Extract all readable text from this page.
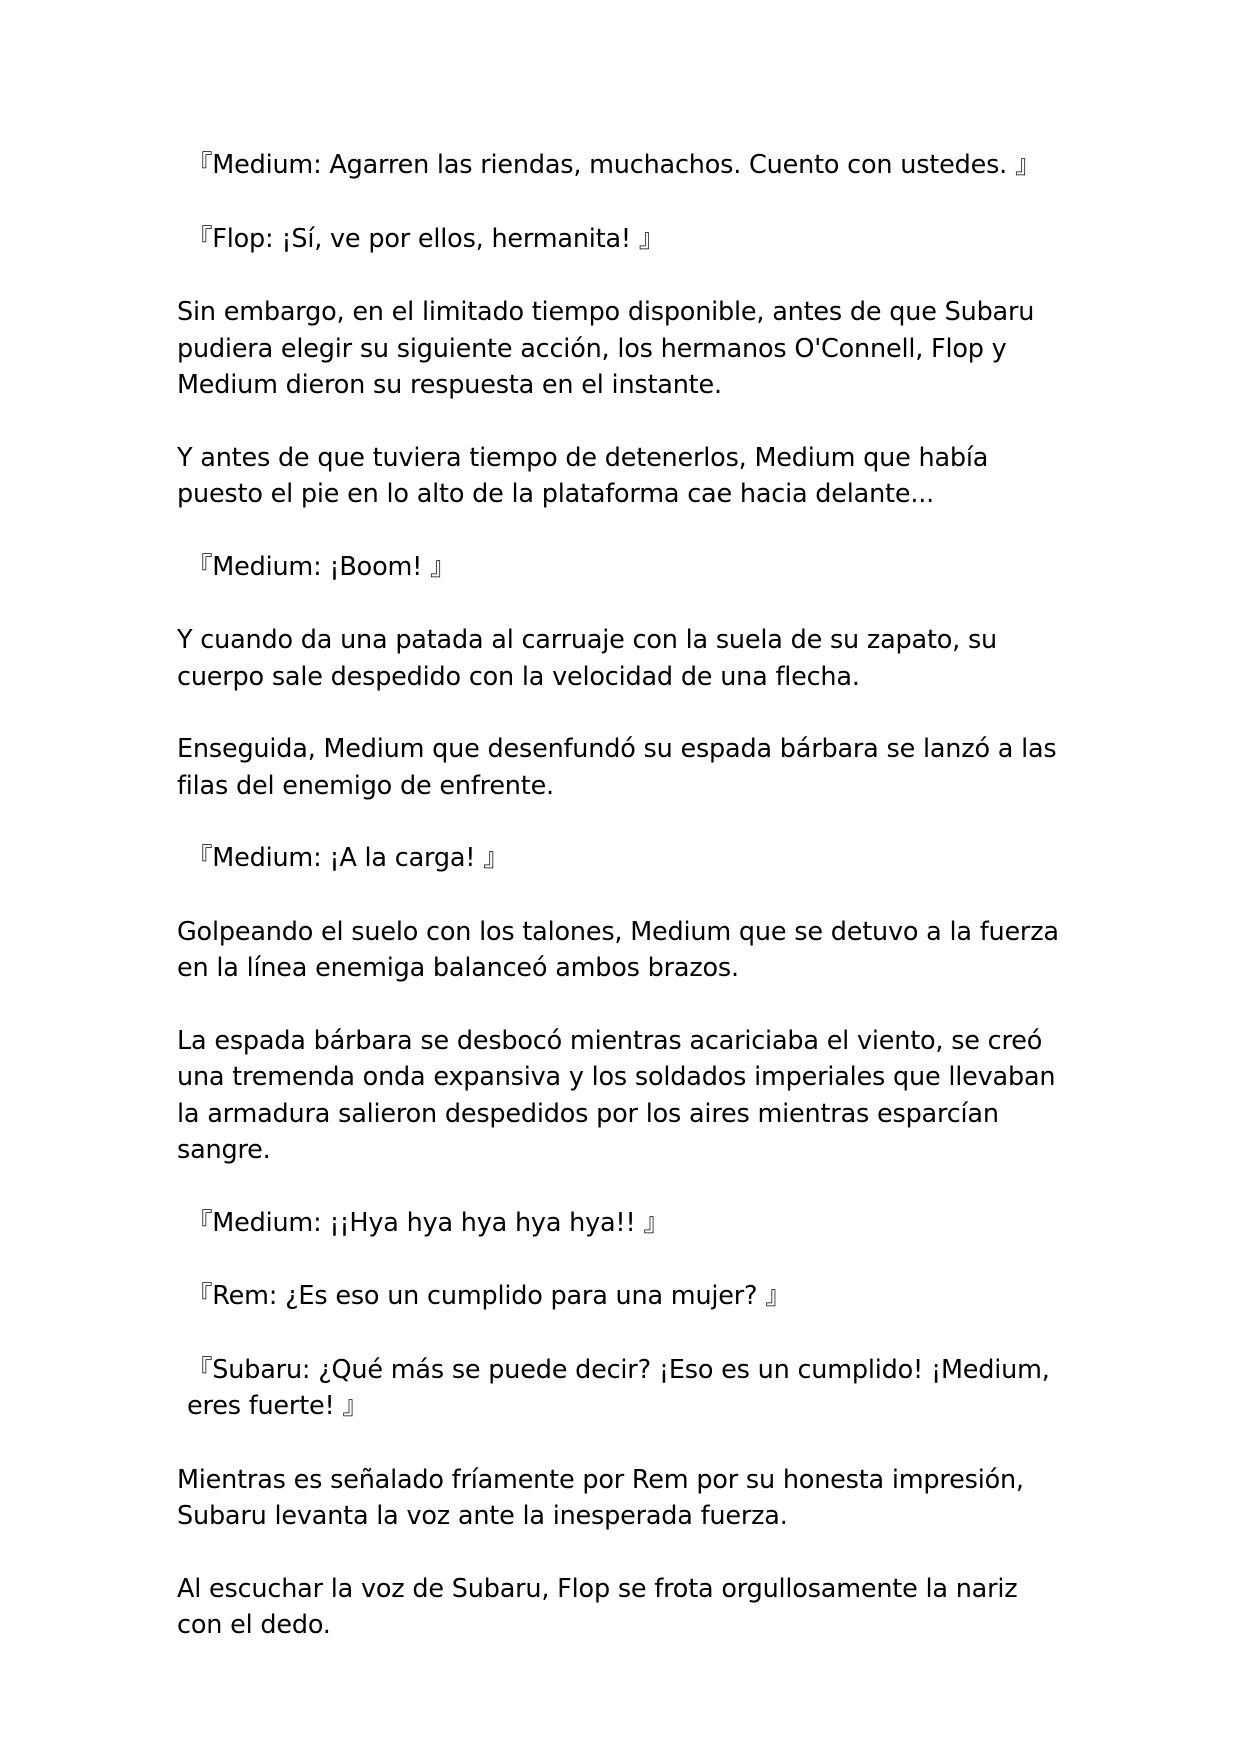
『Medium: Agarren las riendas, muchachos. Cuento con ustedes. 』

『Flop: ¡Sí, ve por ellos, hermanita! 』

Sin embargo, en el limitado tiempo disponible, antes de que Subaru pudiera elegir su siguiente acción, los hermanos O'Connell, Flop y Medium dieron su respuesta en el instante.

Y antes de que tuviera tiempo de detenerlos, Medium que había puesto el pie en lo alto de la plataforma cae hacia delante...

『Medium: ¡Boom! 』

Y cuando da una patada al carruaje con la suela de su zapato, su cuerpo sale despedido con la velocidad de una flecha.

Enseguida, Medium que desenfundó su espada bárbara se lanzó a las filas del enemigo de enfrente.

『Medium: ¡A la carga! 』

Golpeando el suelo con los talones, Medium que se detuvo a la fuerza en la línea enemiga balanceó ambos brazos.

La espada bárbara se desbocó mientras acariciaba el viento, se creó una tremenda onda expansiva y los soldados imperiales que llevaban la armadura salieron despedidos por los aires mientras esparcían sangre.

『Medium: ¡¡Hya hya hya hya hya!! 』

『Rem: ¿Es eso un cumplido para una mujer? 』

『Subaru: ¿Qué más se puede decir? ¡Eso es un cumplido! ¡Medium, eres fuerte! 』

Mientras es señalado fríamente por Rem por su honesta impresión, Subaru levanta la voz ante la inesperada fuerza.

Al escuchar la voz de Subaru, Flop se frota orgullosamente la nariz con el dedo.
